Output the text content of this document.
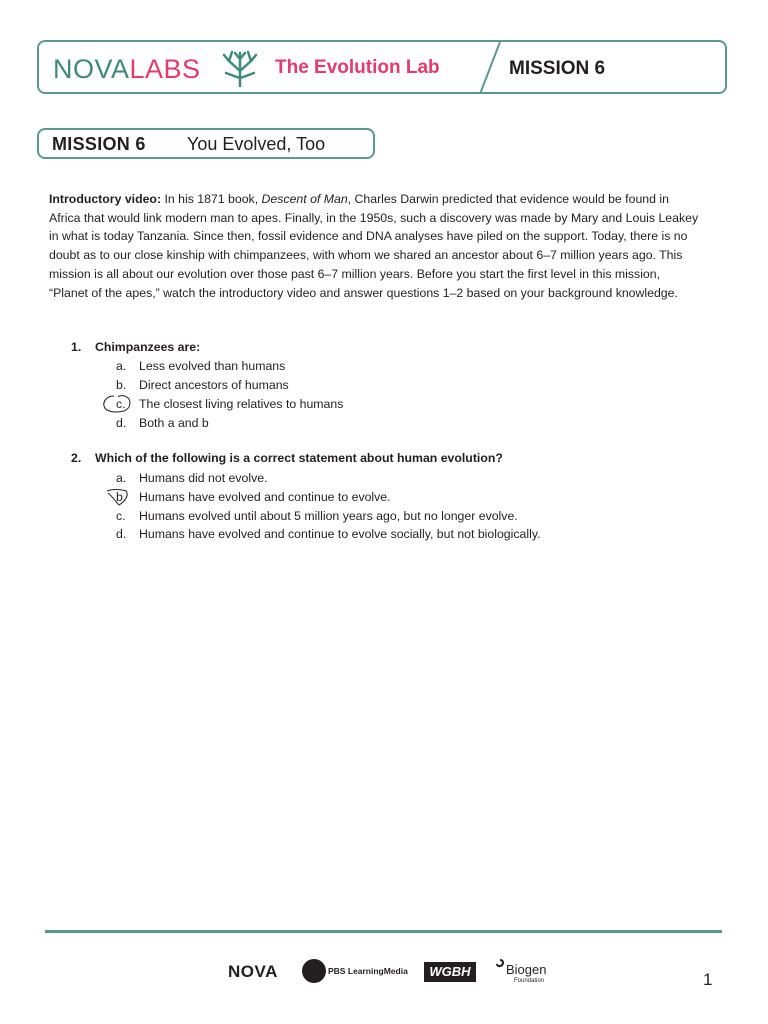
NOVALABS	The Evolution Lab	MISSION 6
MISSION 6 You Evolved, Too
Introductory video: In his 1871 book, Descent of Man, Charles Darwin predicted that evidence would be found in Africa that would link modern man to apes. Finally, in the 1950s, such a discovery was made by Mary and Louis Leakey in what is today Tanzania. Since then, fossil evidence and DNA analyses have piled on the support. Today, there is no doubt as to our close kinship with chimpanzees, with whom we shared an ancestor about 6–7 million years ago. This mission is all about our evolution over those past 6–7 million years. Before you start the first level in this mission, “Planet of the apes,” watch the introductory video and answer questions 1–2 based on your background knowledge.
1. Chimpanzees are:
a. Less evolved than humans
b. Direct ancestors of humans
c. The closest living relatives to humans
d. Both a and b
2. Which of the following is a correct statement about human evolution?
a. Humans did not evolve.
b. Humans have evolved and continue to evolve.
c. Humans evolved until about 5 million years ago, but no longer evolve.
d. Humans have evolved and continue to evolve socially, but not biologically.
NOVA	PBS LearningMedia	WGBH	Biogen
Foundation	1
